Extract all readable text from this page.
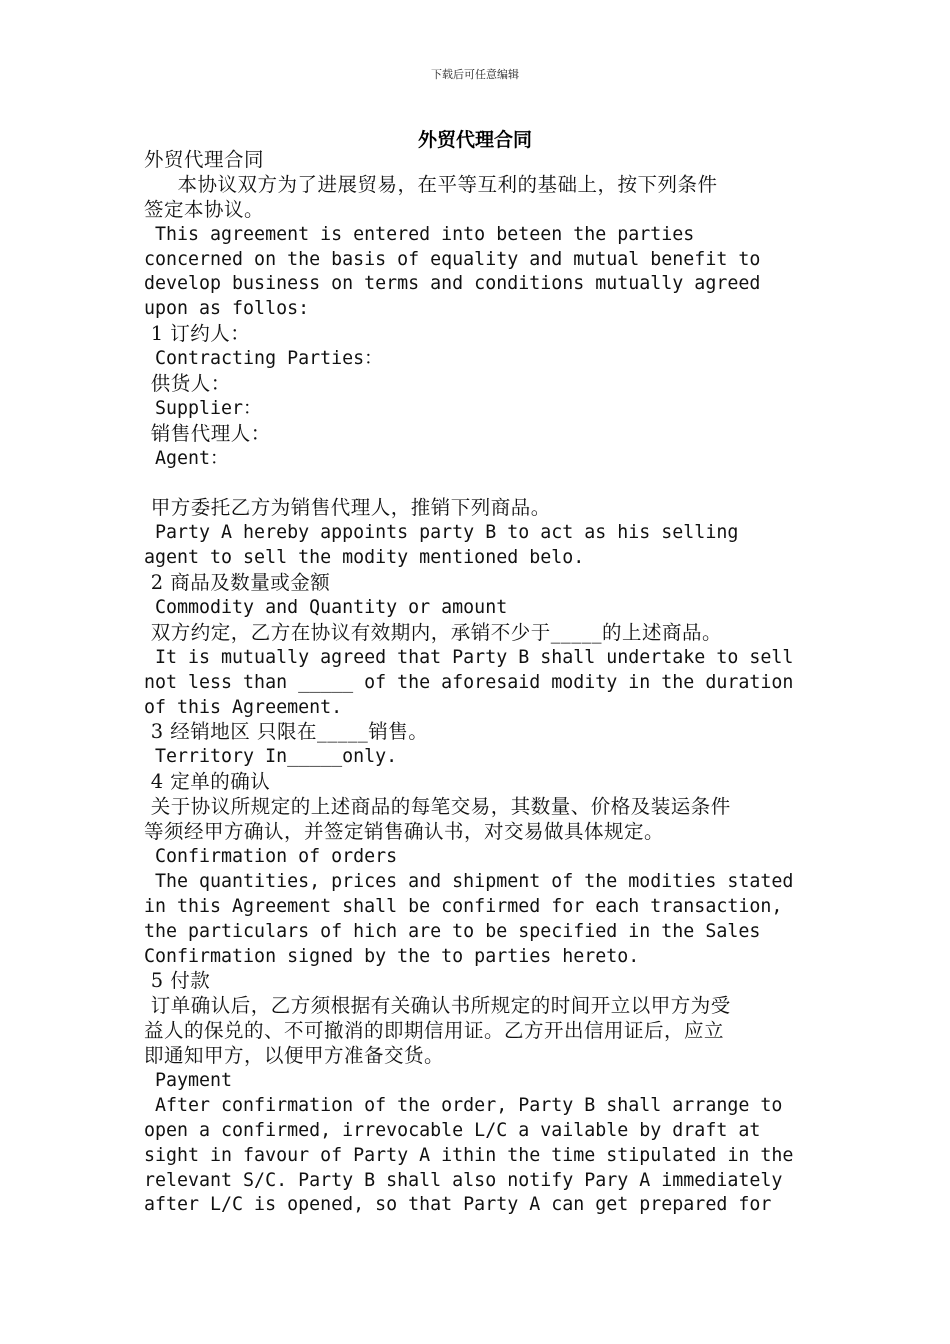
下载后可任意编辑
外贸代理合同
外贸代理合同
本协议双方为了进展贸易，在平等互利的基础上，按下列条件
签定本协议。
This agreement is entered into beteen the parties
concerned on the basis of equality and mutual benefit to
develop business on terms and conditions mutually agreed
upon as follos:
1 订约人：
Contracting Parties：
供货人：
Supplier：
销售代理人：
Agent：
甲方委托乙方为销售代理人，推销下列商品。
Party A hereby appoints party B to act as his selling
agent to sell the modity mentioned belo.
2 商品及数量或金额
Commodity and Quantity or amount
双方约定，乙方在协议有效期内，承销不少于_____的上述商品。
It is mutually agreed that Party B shall undertake to sell
not less than _____ of the aforesaid modity in the duration
of this Agreement.
3 经销地区 只限在_____销售。
Territory In_____only.
4 定单的确认
关于协议所规定的上述商品的每笔交易，其数量、价格及装运条件
等须经甲方确认，并签定销售确认书，对交易做具体规定。
Confirmation of orders
The quantities, prices and shipment of the modities stated
in this Agreement shall be confirmed for each transaction,
the particulars of hich are to be specified in the Sales
Confirmation signed by the to parties hereto.
5 付款
订单确认后，乙方须根据有关确认书所规定的时间开立以甲方为受
益人的保兑的、不可撤消的即期信用证。乙方开出信用证后，应立
即通知甲方，以便甲方准备交货。
Payment
After confirmation of the order, Party B shall arrange to
open a confirmed, irrevocable L/C a vailable by draft at
sight in favour of Party A ithin the time stipulated in the
relevant S/C. Party B shall also notify Pary A immediately
after L/C is opened, so that Party A can get prepared for
